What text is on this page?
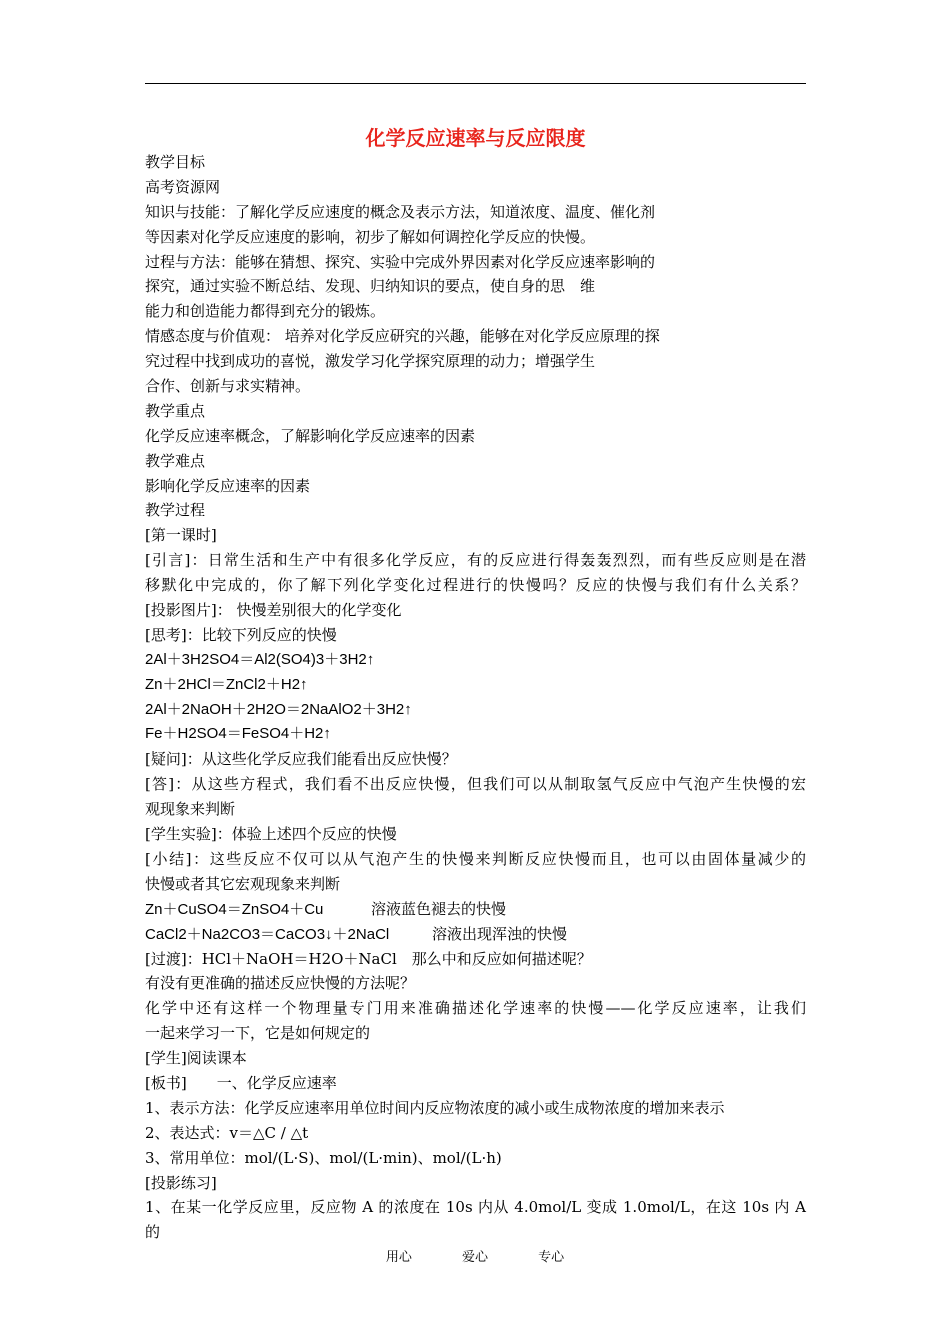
化学反应速率与反应限度
教学目标
高考资源网
知识与技能：了解化学反应速度的概念及表示方法，知道浓度、温度、催化剂
等因素对化学反应速度的影响，初步了解如何调控化学反应的快慢。
过程与方法：能够在猜想、探究、实验中完成外界因素对化学反应速率影响的
探究，通过实验不断总结、发现、归纳知识的要点，使自身的思　维
能力和创造能力都得到充分的锻炼。
情感态度与价值观： 培养对化学反应研究的兴趣，能够在对化学反应原理的探
究过程中找到成功的喜悦，激发学习化学探究原理的动力；增强学生
合作、创新与求实精神。
教学重点
化学反应速率概念，了解影响化学反应速率的因素
教学难点
影响化学反应速率的因素
教学过程
[第一课时]
[引言]：日常生活和生产中有很多化学反应，有的反应进行得轰轰烈烈，而有些反应则是在潜
移默化中完成的，你了解下列化学变化过程进行的快慢吗？反应的快慢与我们有什么关系？
[投影图片]： 快慢差别很大的化学变化
[思考]：比较下列反应的快慢
2Al＋3H2SO4＝Al2(SO4)3＋3H2↑
Zn＋2HCl＝ZnCl2＋H2↑
2Al＋2NaOH＋2H2O＝2NaAlO2＋3H2↑
Fe＋H2SO4＝FeSO4＋H2↑
[疑问]：从这些化学反应我们能看出反应快慢？
[答]：从这些方程式，我们看不出反应快慢，但我们可以从制取氢气反应中气泡产生快慢的宏
观现象来判断
[学生实验]：体验上述四个反应的快慢
[小结]：这些反应不仅可以从气泡产生的快慢来判断反应快慢而且，也可以由固体量减少的
快慢或者其它宏观现象来判断
Zn＋CuSO4＝ZnSO4＋Cu	溶液蓝色褪去的快慢
CaCl2＋Na2CO3＝CaCO3↓＋2NaCl	溶液出现浑浊的快慢
[过渡]：HCl＋NaOH＝H2O＋NaCl　那么中和反应如何描述呢？
有没有更准确的描述反应快慢的方法呢？
化学中还有这样一个物理量专门用来准确描述化学速率的快慢——化学反应速率，让我们
一起来学习一下，它是如何规定的
[学生]阅读课本
[板书]　　一、化学反应速率
1、表示方法：化学反应速率用单位时间内反应物浓度的减小或生成物浓度的增加来表示
2、表达式：v＝△C / △t
3、常用单位：mol/(L·S)、mol/(L·min)、mol/(L·h)
[投影练习]
1、在某一化学反应里，反应物 A 的浓度在 10s 内从 4.0mol/L 变成 1.0mol/L，在这 10s 内 A 的
用心	爱心	专心
